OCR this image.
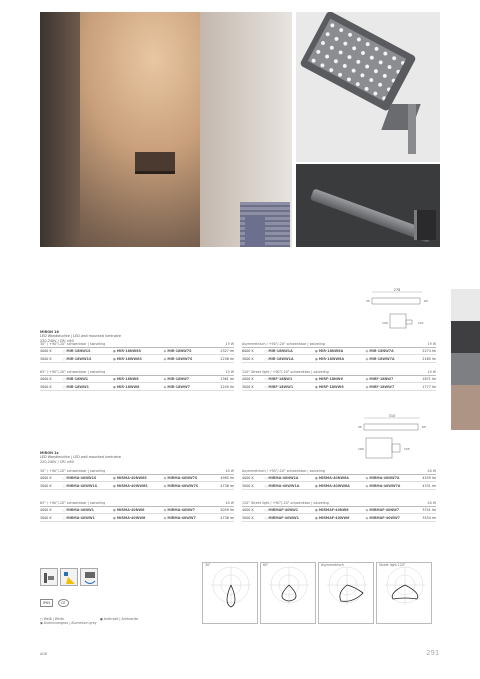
278
35	63
140	121
MIRON 16
LED Wandleuchte | LED wall mounted luminaire
220-240V / CRI >80
30° / +90°/-20° schwenkbar | swiveling	19 W
4000 K	○MIR-18NW1S	●MIR-18NW6S	◉MIR-18NW7S	2327 lm
3000 K	○MIR-18WW1S	●MIR-18WW6S	◉MIR-18WW7S	2256 lm
Asymmetrisch / +90°/-20° schwenkbar | swiveling	19 W
6000 K	○MIR-18NW1A	●MIR-18NW6A	◉MIR-18NW7A	2274 lm
3000 K	○MIR-18WW1A	●MIR-18WW6A	◉MIR-18WW7A	2165 lm
65° / +90°/-20° schwenkbar | swiveling	19 W
4000 K	○MIR-18NW1	●MIR-18NW6	◉MIR-18NW7	2361 lm
3000 K	○MIR-18WW1	●MIR-18WW6	◉MIR-18WW7	2249 lm
120° Street light / +90°/-20° schwenkbar | swiveling	19 W
4000 K	○MIRF-18NW1	●MIRF-18NW6	◉MIRF-18NW7	1871 lm
3000 K	○MIRF-18WW1	●MIRF-18WW6	◉MIRF-18WW7	1777 lm
310
35	65
190	155
MIRON 1s
LED Wandleuchte | LED wall mounted luminaire
220-240V / CRI >80
30° / +90°/-20° schwenkbar | swiveling	40 W
4000 K	○MIRMA-40NW1S	●MIRMA-40NW6S	◉MIRMA-40NW7S	4985 lm
3000 K	○MIRMA-40WW1S	●MIRMA-40WW6S	◉MIRMA-40WW7S	4736 lm
Asymmetrisch / +90°/-20° schwenkbar | swiveling	40 W
4000 K	○MIRMA-40NW1A	●MIRMA-40NW6A	◉MIRMA-40NW7A	4559 lm
3000 K	○MIRMA-40WW1A	●MIRMA-40WW6A	◉MIRMA-40WW7A	4331 lm
65° / +90°/-20° schwenkbar | swiveling	40 W
4000 K	○MIRMA-40NW1	●MIRMA-40NW6	◉MIRMA-40NW7	5059 lm
3000 K	○MIRMA-40WW1	●MIRMA-40WW6	◉MIRMA-40WW7	4736 lm
120° Street light / +90°/-20° schwenkbar | swiveling	40 W
4000 K	○MIRMAF-40NW1	●MIRMAF-40NW6	◉MIRMAF-40NW7	3741 lm
3000 K	○MIRMAF-40WW1	●MIRMAF-40WW6	◉MIRMAF-40WW7	3554 lm
IP65	CE
○ Weiß | White	● Anthrazit | Anthracite
◉ Aluminiumgrau | Aluminium grey
30°	65°	Asymmetrisch	Street light 120°
AGB	291
